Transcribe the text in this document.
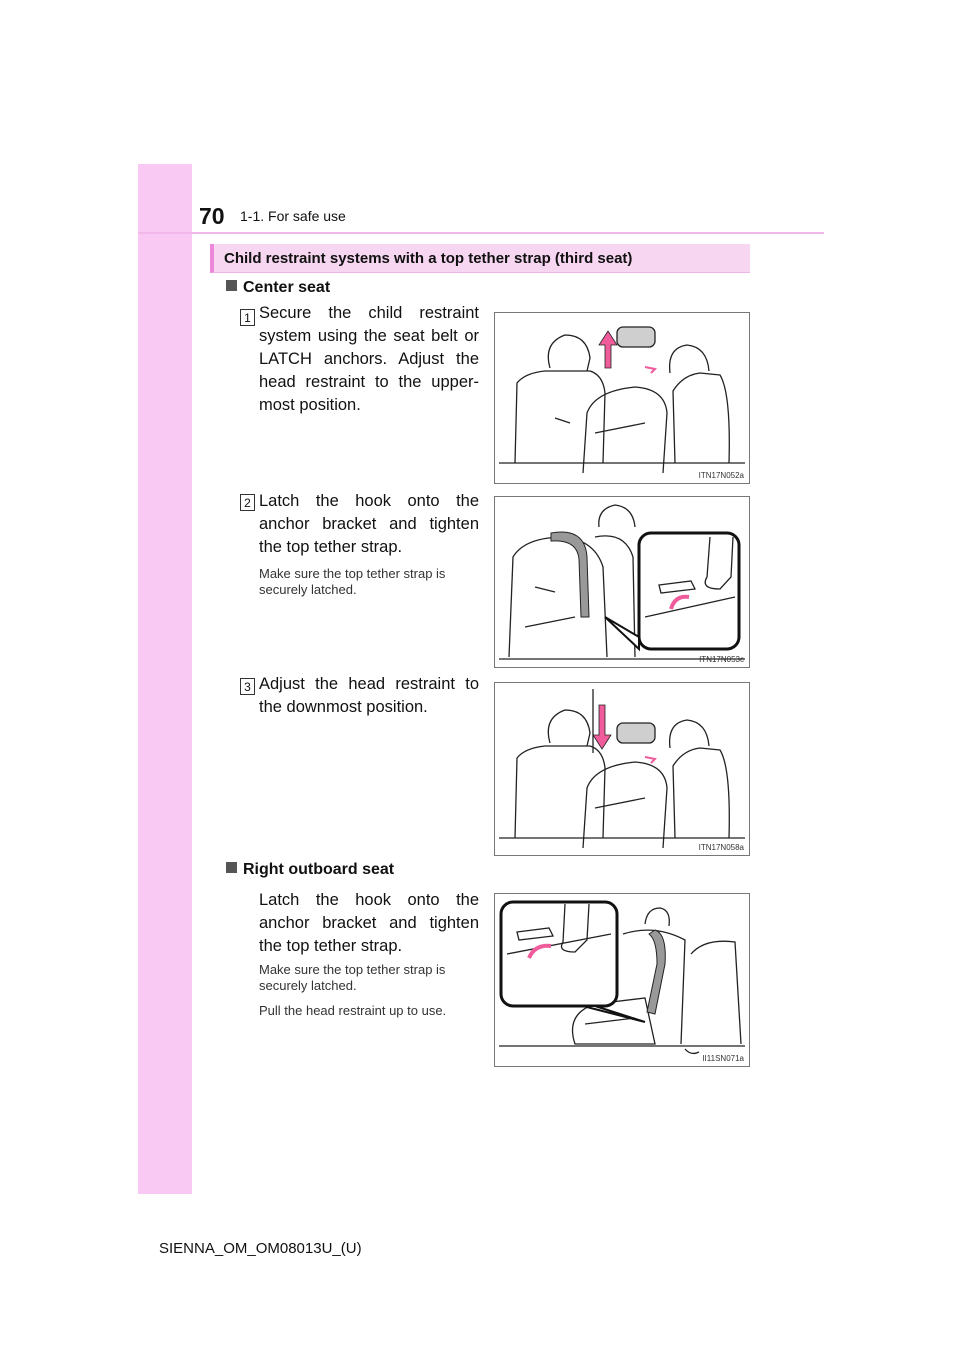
70 1-1. For safe use
Child restraint systems with a top tether strap (third seat)
Center seat
1 Secure the child restraint system using the seat belt or LATCH anchors. Adjust the head restraint to the upper-most position.
ITN17N052a
2 Latch the hook onto the anchor bracket and tighten the top tether strap.
Make sure the top tether strap is securely latched.
ITN17N053c
3 Adjust the head restraint to the downmost position.
ITN17N058a
Right outboard seat
Latch the hook onto the anchor bracket and tighten the top tether strap.
Make sure the top tether strap is securely latched.
Pull the head restraint up to use.
II11SN071a
SIENNA_OM_OM08013U_(U)
